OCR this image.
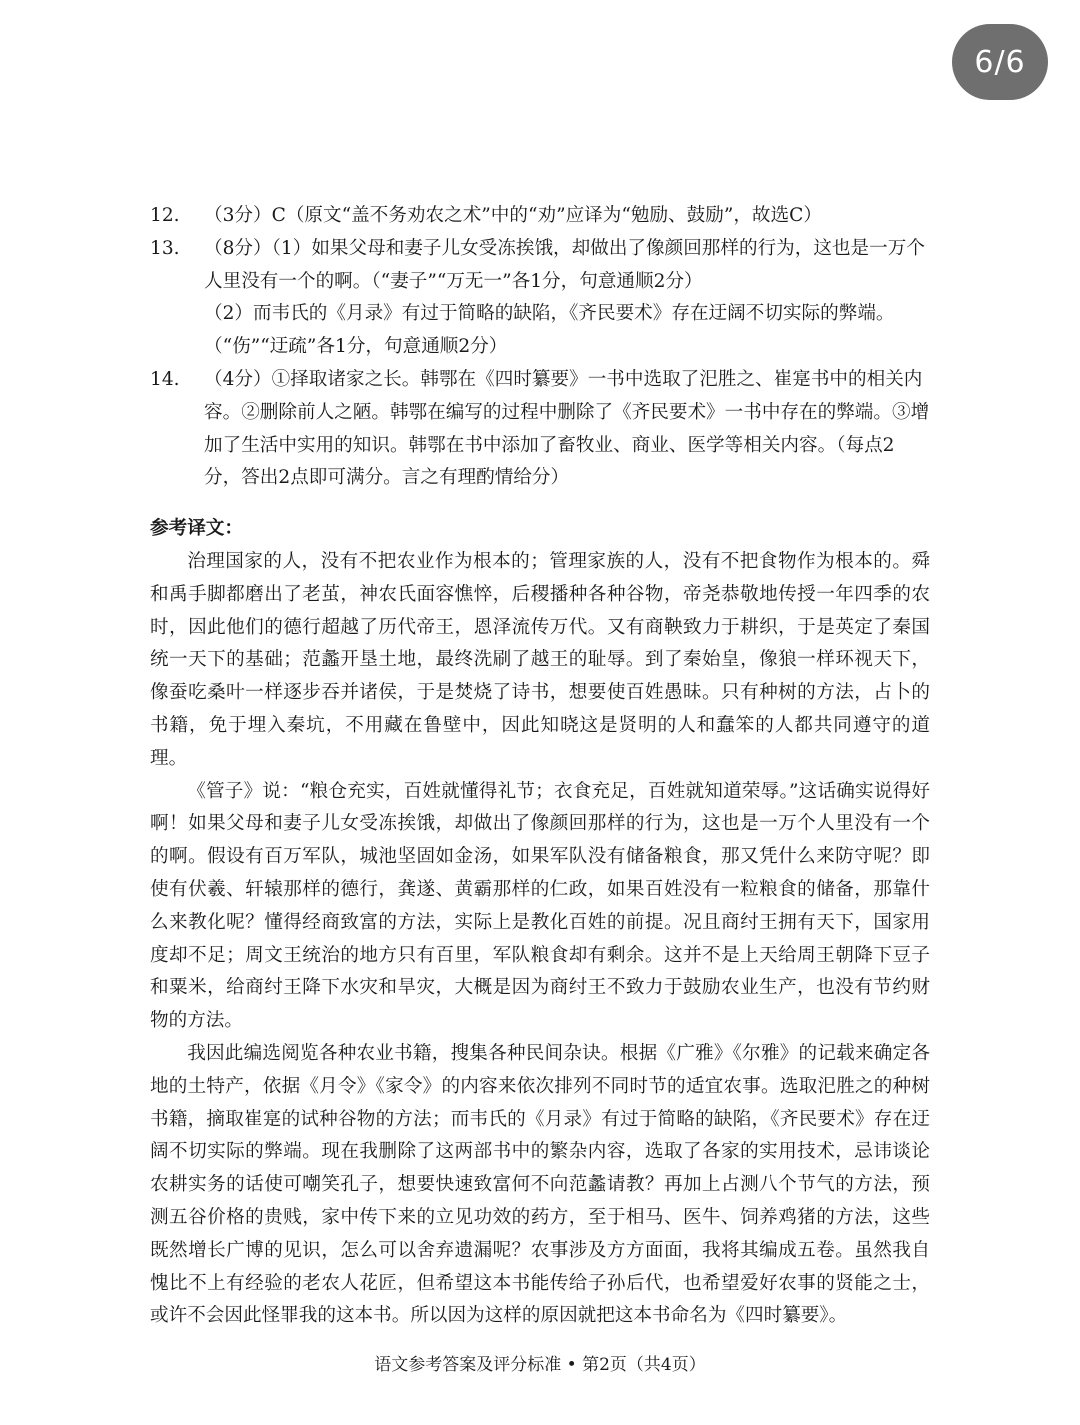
6/6
12.	（3分）C（原文“盖不务劝农之术”中的“劝”应译为“勉励、鼓励”，故选C）

13.	（8分）（1）如果父母和妻子儿女受冻挨饿，却做出了像颜回那样的行为，这也是一万个人里没有一个的啊。（“妻子”“万无一”各1分，句意通顺2分）

（2）而韦氏的《月录》有过于简略的缺陷，《齐民要术》存在迂阔不切实际的弊端。（“伤”“迂疏”各1分，句意通顺2分）

14.	（4分）①择取诸家之长。韩鄂在《四时纂要》一书中选取了汜胜之、崔寔书中的相关内容。②删除前人之陋。韩鄂在编写的过程中删除了《齐民要术》一书中存在的弊端。③增加了生活中实用的知识。韩鄂在书中添加了畜牧业、商业、医学等相关内容。（每点2分，答出2点即可满分。言之有理酌情给分）

参考译文：

治理国家的人，没有不把农业作为根本的；管理家族的人，没有不把食物作为根本的。舜和禹手脚都磨出了老茧，神农氏面容憔悴，后稷播种各种谷物，帝尧恭敬地传授一年四季的农时，因此他们的德行超越了历代帝王，恩泽流传万代。又有商鞅致力于耕织，于是英定了秦国统一天下的基础；范蠡开垦土地，最终洗刷了越王的耻辱。到了秦始皇，像狼一样环视天下，像蚕吃桑叶一样逐步吞并诸侯，于是焚烧了诗书，想要使百姓愚昧。只有种树的方法，占卜的书籍，免于埋入秦坑，不用藏在鲁壁中，因此知晓这是贤明的人和蠢笨的人都共同遵守的道理。

《管子》说：“粮仓充实，百姓就懂得礼节；衣食充足，百姓就知道荣辱。”这话确实说得好啊！如果父母和妻子儿女受冻挨饿，却做出了像颜回那样的行为，这也是一万个人里没有一个的啊。假设有百万军队，城池坚固如金汤，如果军队没有储备粮食，那又凭什么来防守呢？即使有伏羲、轩辕那样的德行，龚遂、黄霸那样的仁政，如果百姓没有一粒粮食的储备，那靠什么来教化呢？懂得经商致富的方法，实际上是教化百姓的前提。况且商纣王拥有天下，国家用度却不足；周文王统治的地方只有百里，军队粮食却有剩余。这并不是上天给周王朝降下豆子和粟米，给商纣王降下水灾和旱灾，大概是因为商纣王不致力于鼓励农业生产，也没有节约财物的方法。

我因此编选阅览各种农业书籍，搜集各种民间杂诀。根据《广雅》《尔雅》的记载来确定各地的土特产，依据《月令》《家令》的内容来依次排列不同时节的适宜农事。选取汜胜之的种树书籍，摘取崔寔的试种谷物的方法；而韦氏的《月录》有过于简略的缺陷，《齐民要术》存在迂阔不切实际的弊端。现在我删除了这两部书中的繁杂内容，选取了各家的实用技术，忌讳谈论农耕实务的话使可嘲笑孔子，想要快速致富何不向范蠡请教？再加上占测八个节气的方法，预测五谷价格的贵贱，家中传下来的立见功效的药方，至于相马、医牛、饲养鸡猪的方法，这些既然增长广博的见识，怎么可以舍弃遗漏呢？农事涉及方方面面，我将其编成五卷。虽然我自愧比不上有经验的老农人花匠，但希望这本书能传给子孙后代，也希望爱好农事的贤能之士，或许不会因此怪罪我的这本书。所以因为这样的原因就把这本书命名为《四时纂要》。

语文参考答案及评分标准 • 第2页（共4页）
